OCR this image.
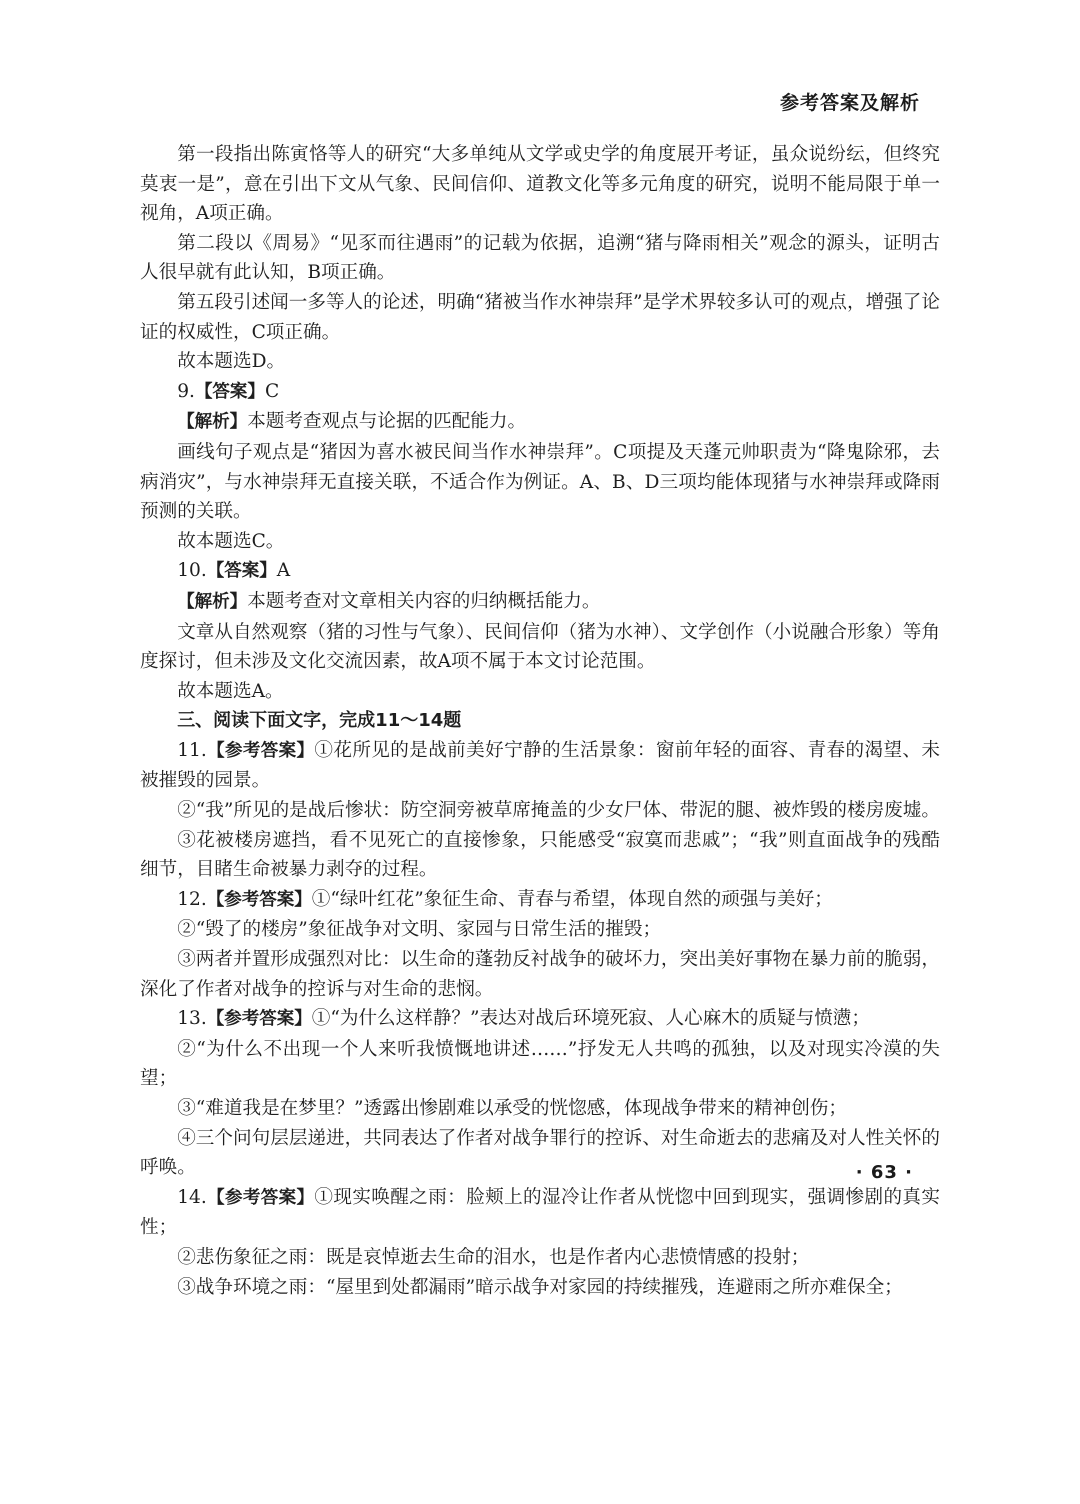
参考答案及解析

第一段指出陈寅恪等人的研究“大多单纯从文学或史学的角度展开考证，虽众说纷纭，但终究莫衷一是”，意在引出下文从气象、民间信仰、道教文化等多元角度的研究，说明不能局限于单一视角，A项正确。

第二段以《周易》“见豕而往遇雨”的记载为依据，追溯“猪与降雨相关”观念的源头，证明古人很早就有此认知，B项正确。

第五段引述闻一多等人的论述，明确“猪被当作水神崇拜”是学术界较多认可的观点，增强了论证的权威性，C项正确。

故本题选D。

9.【答案】C

【解析】本题考查观点与论据的匹配能力。

画线句子观点是“猪因为喜水被民间当作水神崇拜”。C项提及天蓬元帅职责为“降鬼除邪，去病消灾”，与水神崇拜无直接关联，不适合作为例证。A、B、D三项均能体现猪与水神崇拜或降雨预测的关联。

故本题选C。

10.【答案】A

【解析】本题考查对文章相关内容的归纳概括能力。

文章从自然观察（猪的习性与气象）、民间信仰（猪为水神）、文学创作（小说融合形象）等角度探讨，但未涉及文化交流因素，故A项不属于本文讨论范围。

故本题选A。

三、阅读下面文字，完成11～14题

11.【参考答案】①花所见的是战前美好宁静的生活景象：窗前年轻的面容、青春的渴望、未被摧毁的园景。

②“我”所见的是战后惨状：防空洞旁被草席掩盖的少女尸体、带泥的腿、被炸毁的楼房废墟。

③花被楼房遮挡，看不见死亡的直接惨象，只能感受“寂寞而悲戚”；“我”则直面战争的残酷细节，目睹生命被暴力剥夺的过程。

12.【参考答案】①“绿叶红花”象征生命、青春与希望，体现自然的顽强与美好；

②“毁了的楼房”象征战争对文明、家园与日常生活的摧毁；

③两者并置形成强烈对比：以生命的蓬勃反衬战争的破坏力，突出美好事物在暴力前的脆弱，深化了作者对战争的控诉与对生命的悲悯。

13.【参考答案】①“为什么这样静？”表达对战后环境死寂、人心麻木的质疑与愤懑；

②“为什么不出现一个人来听我愤慨地讲述……”抒发无人共鸣的孤独，以及对现实冷漠的失望；

③“难道我是在梦里？”透露出惨剧难以承受的恍惚感，体现战争带来的精神创伤；

④三个问句层层递进，共同表达了作者对战争罪行的控诉、对生命逝去的悲痛及对人性关怀的呼唤。

14.【参考答案】①现实唤醒之雨：脸颊上的湿冷让作者从恍惚中回到现实，强调惨剧的真实性；

②悲伤象征之雨：既是哀悼逝去生命的泪水，也是作者内心悲愤情感的投射；

③战争环境之雨：“屋里到处都漏雨”暗示战争对家园的持续摧残，连避雨之所亦难保全；

· 63 ·
